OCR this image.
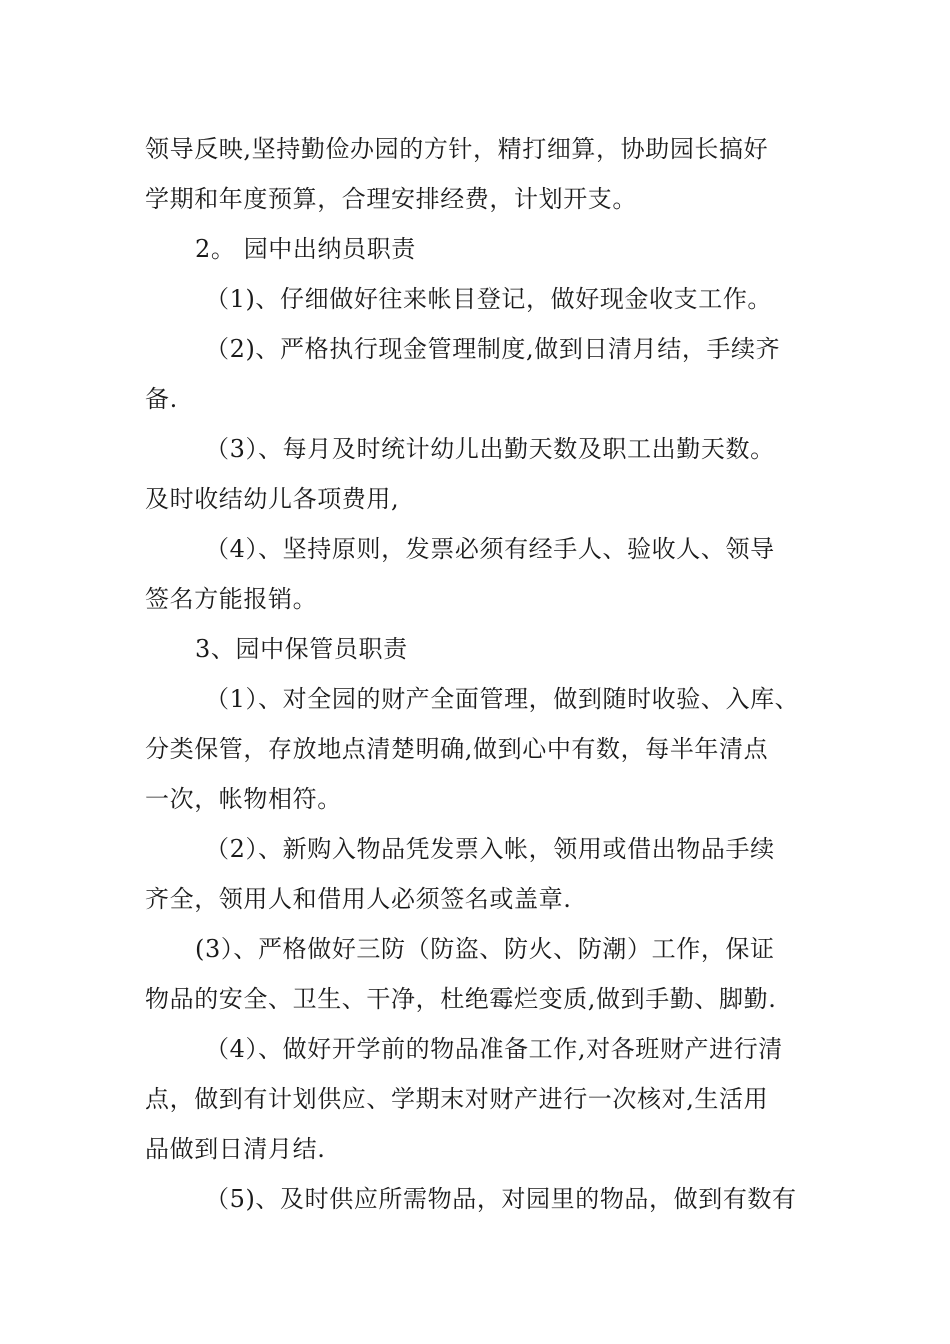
领导反映,坚持勤俭办园的方针，精打细算，协助园长搞好
学期和年度预算，合理安排经费，计划开支。
2。 园中出纳员职责
（1)、仔细做好往来帐目登记，做好现金收支工作。
（2)、严格执行现金管理制度,做到日清月结，手续齐
备.
（3）、每月及时统计幼儿出勤天数及职工出勤天数。
及时收结幼儿各项费用,
（4）、坚持原则，发票必须有经手人、验收人、领导
签名方能报销。
3、园中保管员职责
（1）、对全园的财产全面管理，做到随时收验、入库、
分类保管，存放地点清楚明确,做到心中有数，每半年清点
一次，帐物相符。
（2）、新购入物品凭发票入帐，领用或借出物品手续
齐全，领用人和借用人必须签名或盖章.
(3）、严格做好三防（防盗、防火、防潮）工作，保证
物品的安全、卫生、干净，杜绝霉烂变质,做到手勤、脚勤.
（4）、做好开学前的物品准备工作,对各班财产进行清
点，做到有计划供应、学期末对财产进行一次核对,生活用
品做到日清月结.
（5)、及时供应所需物品，对园里的物品，做到有数有
